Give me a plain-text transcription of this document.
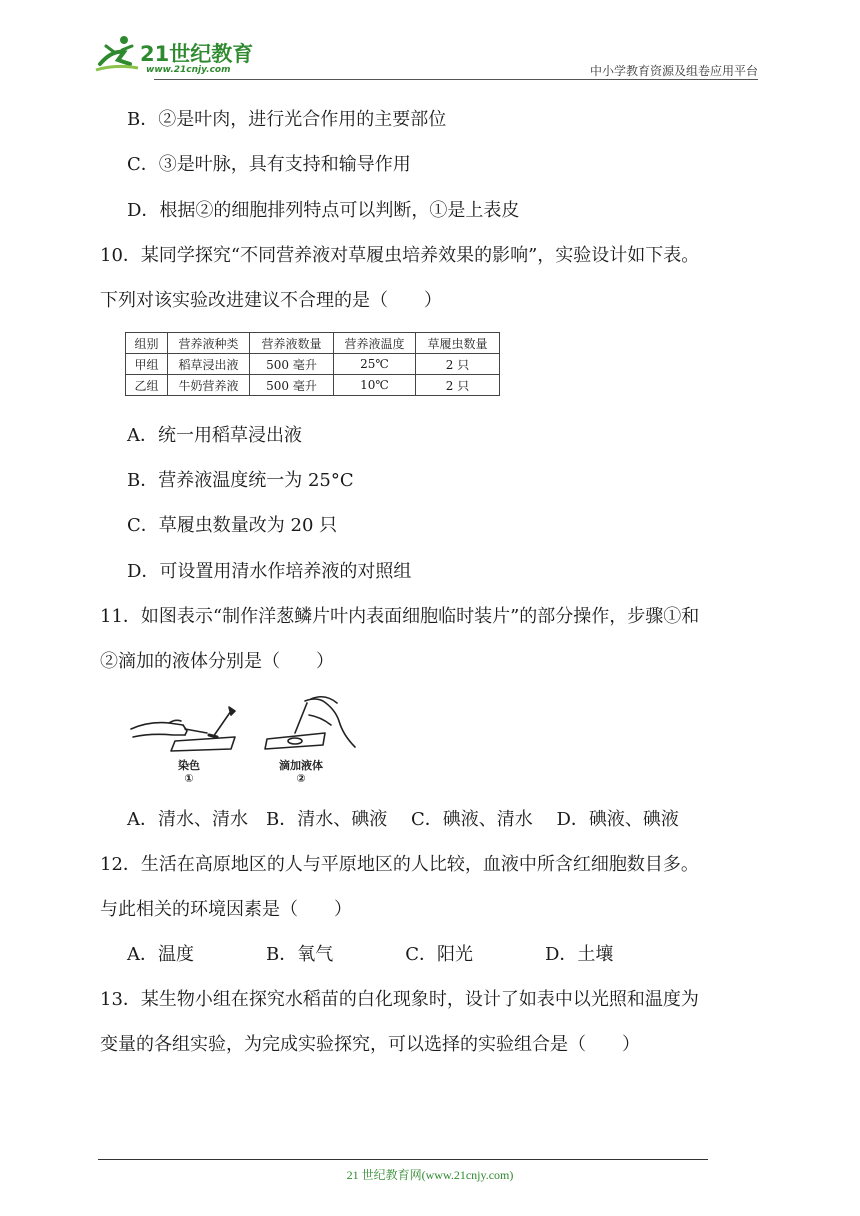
21世纪教育
www.21cnjy.com	中小学教育资源及组卷应用平台
B．②是叶肉，进行光合作用的主要部位
C．③是叶脉，具有支持和输导作用
D．根据②的细胞排列特点可以判断，①是上表皮
10．某同学探究“不同营养液对草履虫培养效果的影响”，实验设计如下表。
下列对该实验改进建议不合理的是（　　）
组别	营养液种类	营养液数量	营养液温度	草履虫数量
甲组	稻草浸出液	500 毫升	25℃	2 只
乙组	牛奶营养液	500 毫升	10℃	2 只
A．统一用稻草浸出液
B．营养液温度统一为 25°C
C．草履虫数量改为 20 只
D．可设置用清水作培养液的对照组
11．如图表示“制作洋葱鳞片叶内表面细胞临时装片”的部分操作，步骤①和
②滴加的液体分别是（　　）
染色
①
滴加液体
②
A．清水、清水　B．清水、碘液　 C．碘液、清水　 D．碘液、碘液
12．生活在高原地区的人与平原地区的人比较，血液中所含红细胞数目多。
与此相关的环境因素是（　　）
A．温度　　　　B．氧气　　　　C．阳光　　　　D．土壤
13．某生物小组在探究水稻苗的白化现象时，设计了如表中以光照和温度为
变量的各组实验，为完成实验探究，可以选择的实验组合是（　　）
21 世纪教育网(www.21cnjy.com)
